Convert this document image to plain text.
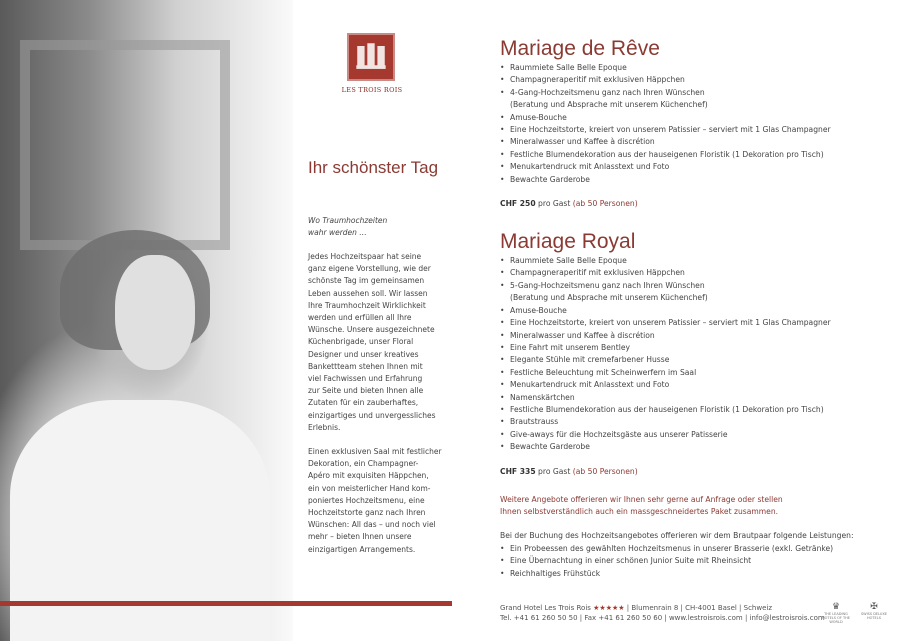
LES TROIS ROIS
Ihr schönster Tag
Wo Traumhochzeiten
wahr werden …
Jedes Hochzeitspaar hat seine
ganz eigene Vorstellung, wie der
schönste Tag im gemeinsamen
Leben aussehen soll. Wir lassen
Ihre Traumhochzeit Wirklichkeit
werden und erfüllen all Ihre
Wünsche. Unsere ausgezeichnete
Küchenbrigade, unser Floral
Designer und unser kreatives
Bankettteam stehen Ihnen mit
viel Fachwissen und Erfahrung
zur Seite und bieten Ihnen alle
Zutaten für ein zauberhaftes,
einzigartiges und unvergessliches
Erlebnis.
Einen exklusiven Saal mit festlicher
Dekoration, ein Champagner-
Apéro mit exquisiten Häppchen,
ein von meisterlicher Hand kom-
poniertes Hochzeitsmenu, eine
Hochzeitstorte ganz nach Ihren
Wünschen: All das – und noch viel
mehr – bieten Ihnen unsere
einzigartigen Arrangements.
Mariage de Rêve
• Raummiete Salle Belle Epoque
• Champagneraperitif mit exklusiven Häppchen
• 4-Gang-Hochzeitsmenu ganz nach Ihren Wünschen
(Beratung und Absprache mit unserem Küchenchef)
• Amuse-Bouche
• Eine Hochzeitstorte, kreiert von unserem Patissier – serviert mit 1 Glas Champagner
• Mineralwasser und Kaffee à discrétion
• Festliche Blumendekoration aus der hauseigenen Floristik (1 Dekoration pro Tisch)
• Menukartendruck mit Anlasstext und Foto
• Bewachte Garderobe
CHF 250 pro Gast (ab 50 Personen)
Mariage Royal
• Raummiete Salle Belle Epoque
• Champagneraperitif mit exklusiven Häppchen
• 5-Gang-Hochzeitsmenu ganz nach Ihren Wünschen
(Beratung und Absprache mit unserem Küchenchef)
• Amuse-Bouche
• Eine Hochzeitstorte, kreiert von unserem Patissier – serviert mit 1 Glas Champagner
• Mineralwasser und Kaffee à discrétion
• Eine Fahrt mit unserem Bentley
• Elegante Stühle mit cremefarbener Husse
• Festliche Beleuchtung mit Scheinwerfern im Saal
• Menukartendruck mit Anlasstext und Foto
• Namenskärtchen
• Festliche Blumendekoration aus der hauseigenen Floristik (1 Dekoration pro Tisch)
• Brautstrauss
• Give-aways für die Hochzeitsgäste aus unserer Patisserie
• Bewachte Garderobe
CHF 335 pro Gast (ab 50 Personen)
Weitere Angebote offerieren wir Ihnen sehr gerne auf Anfrage oder stellen
Ihnen selbstverständlich auch ein massgeschneidertes Paket zusammen.
Bei der Buchung des Hochzeitsangebotes offerieren wir dem Brautpaar folgende Leistungen:
• Ein Probeessen des gewählten Hochzeitsmenus in unserer Brasserie (exkl. Getränke)
• Eine Übernachtung in einer schönen Junior Suite mit Rheinsicht
• Reichhaltiges Frühstück
Grand Hotel Les Trois Rois ★★★★★ | Blumenrain 8 | CH-4001 Basel | Schweiz
Tel. +41 61 260 50 50 | Fax +41 61 260 50 60 | www.lestroisrois.com | info@lestroisrois.com
♛
THE LEADING HOTELS OF THE WORLD
✠
SWISS DELUXE HOTELS
